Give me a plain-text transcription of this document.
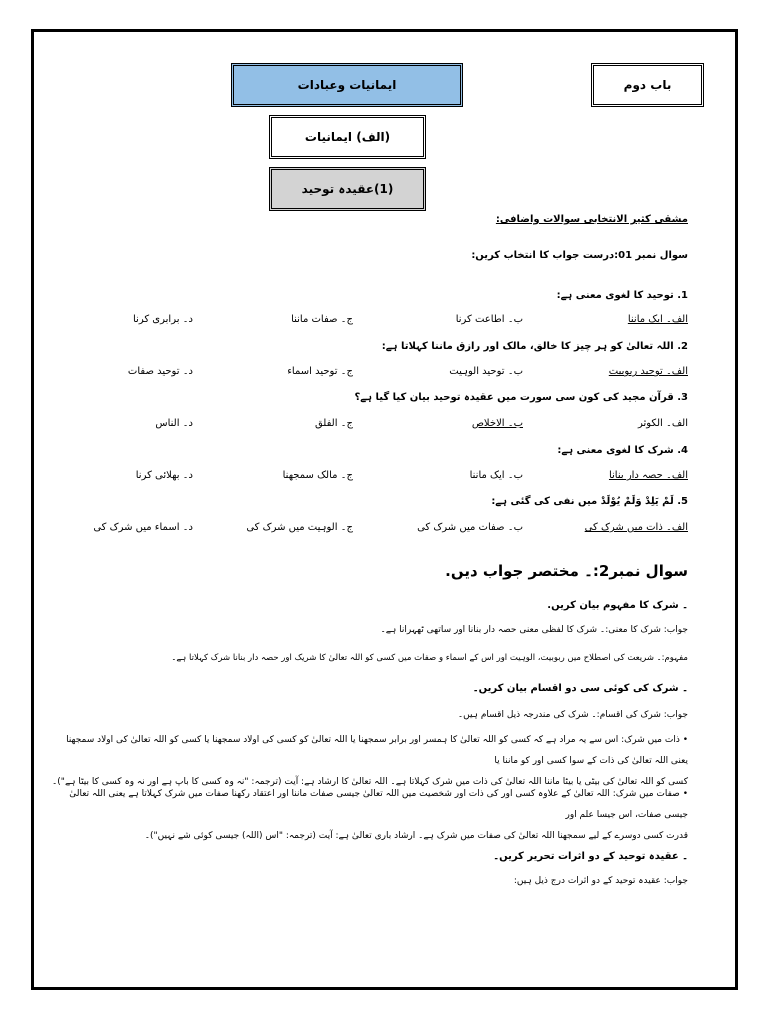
باب دوم
ایمانیات وعبادات
(الف) ایمانیات
(1)عقیدہ توحید
مشقی کثیر الانتخابی سوالات واضافی:
سوال نمبر 01:درست جواب کا انتخاب کریں:
1. توحید کا لغوی معنی ہے:
الف۔ ایک ماننا
ب۔ اطاعت کرنا
ج۔ صفات ماننا
د۔ برابری کرنا
2. اللہ تعالیٰ کو ہر چیز کا خالق، مالک اور رازق ماننا کہلاتا ہے:
الف۔ توحید ربوبیت
ب۔ توحید الوہیت
ج۔ توحید اسماء
د۔ توحید صفات
3. قرآن مجید کی کون سی سورت میں عقیدہ توحید بیان کیا گیا ہے؟
الف۔ الکوثر
ب۔ الاخلاص
ج۔ الفلق
د۔ الناس
4. شرک کا لغوی معنی ہے:
الف۔ حصہ دار بنانا
ب۔ ایک ماننا
ج۔ مالک سمجھنا
د۔ بھلائی کرنا
5. لَمْ یَلِدْ وَلَمْ یُوْلَدْ میں نفی کی گئی ہے:
الف۔ ذات میں شرک کی
ب۔ صفات میں شرک کی
ج۔ الوہیت میں شرک کی
د۔ اسماء میں شرک کی
سوال نمبر2:۔ مختصر جواب دیں.
۔ شرک کا مفہوم بیان کریں.
جواب: شرک کا معنی:۔ شرک کا لفظی معنی حصہ دار بنانا اور ساتھی ٹھہرانا ہے۔
مفہوم:۔ شریعت کی اصطلاح میں ربوبیت، الوہیت اور اس کے اسماء و صفات میں کسی کو اللہ تعالیٰ کا شریک اور حصہ دار بنانا شرک کہلاتا ہے۔
۔ شرک کی کوئی سی دو اقسام بیان کریں۔
جواب: شرک کی اقسام:۔ شرک کی مندرجہ ذیل اقسام ہیں۔
• ذات میں شرک: اس سے یہ مراد ہے کہ کسی کو اللہ تعالیٰ کا ہمسر اور برابر سمجھنا یا اللہ تعالیٰ کو کسی کی اولاد سمجھنا یا کسی کو اللہ تعالیٰ کی اولاد سمجھنا یعنی اللہ تعالیٰ کی ذات کے سوا کسی اور کو ماننا یا
کسی کو اللہ تعالیٰ کی بیٹی یا بیٹا ماننا اللہ تعالیٰ کی ذات میں شرک کہلاتا ہے۔ اللہ تعالیٰ کا ارشاد ہے: آیت (ترجمہ: "نہ وہ کسی کا باپ ہے اور نہ وہ کسی کا بیٹا ہے")۔
• صفات میں شرک: اللہ تعالیٰ کے علاوہ کسی اور کی ذات اور شخصیت میں اللہ تعالیٰ جیسی صفات ماننا اور اعتقاد رکھنا صفات میں شرک کہلاتا ہے یعنی اللہ تعالیٰ جیسی صفات، اس جیسا علم اور
قدرت کسی دوسرے کے لیے سمجھنا اللہ تعالیٰ کی صفات میں شرک ہے۔ ارشاد باری تعالیٰ ہے: آیت (ترجمہ: "اس (اللہ) جیسی کوئی شے نہیں")۔
۔ عقیدہ توحید کے دو اثرات تحریر کریں۔
جواب: عقیدہ توحید کے دو اثرات درج ذیل ہیں:
